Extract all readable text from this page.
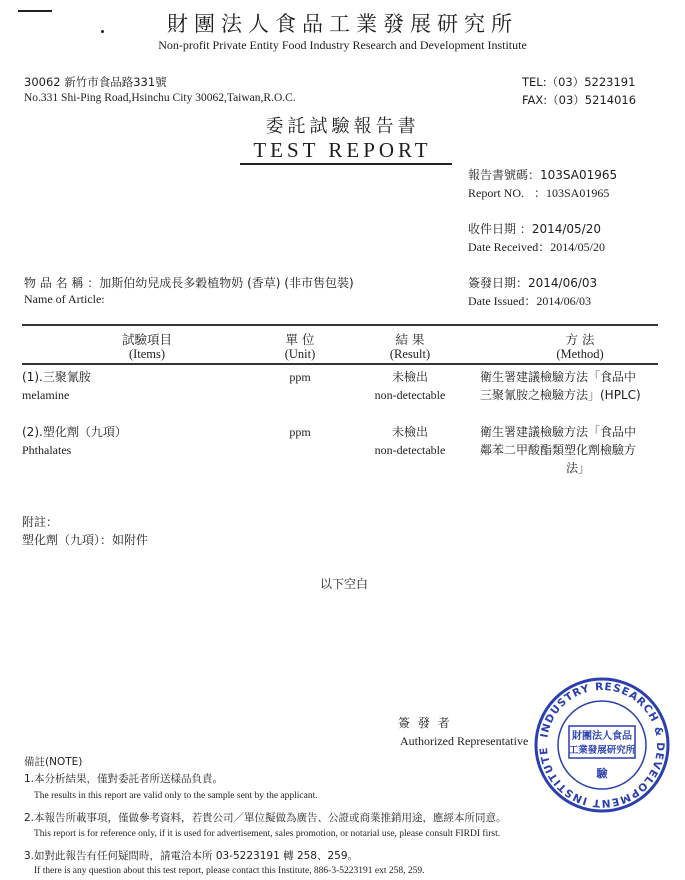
財團法人食品工業發展研究所
Non-profit Private Entity Food Industry Research and Development Institute
30062 新竹市食品路331號
No.331 Shi-Ping Road,Hsinchu City 30062,Taiwan,R.O.C.
TEL:（03）5223191
FAX:（03）5214016
委託試驗報告書
TEST REPORT
報告書號碼：103SA01965
Report NO. ：103SA01965
收件日期 ：2014/05/20
Date Received：2014/05/20
簽發日期：2014/06/03
Date Issued：2014/06/03
物 品 名 稱 ：加斯伯幼兒成長多穀植物奶 (香草) (非市售包裝)
Name of Article:
試驗項目
(Items)
單 位
(Unit)
結 果
(Result)
方 法
(Method)
(1).三聚氰胺
melamine
ppm	未檢出
non-detectable
衛生署建議檢驗方法「食品中
三聚氰胺之檢驗方法」(HPLC)
(2).塑化劑（九項）
Phthalates
ppm	未檢出
non-detectable
衛生署建議檢驗方法「食品中
鄰苯二甲酸酯類塑化劑檢驗方
法」
附註：
塑化劑（九項）：如附件
以下空白
簽 發 者
Authorized Representative INDUSTRY RESEARCH & DEVELOPMENT INSTITUTE
財團法人食品
工業發展研究所
驗
備註(NOTE)
1.本分析結果，僅對委託者所送樣品負責。
The results in this report are valid only to the sample sent by the applicant.
2.本報告所載事項，僅做參考資料，若貴公司／單位擬做為廣告、公證或商業推銷用途，應經本所同意。
This report is for reference only, if it is used for advertisement, sales promotion, or notarial use, please consult FIRDI first.
3.如對此報告有任何疑問時，請電洽本所 03-5223191 轉 258、259。
If there is any question about this test report, please contact this Institute, 886-3-5223191 ext 258, 259.
